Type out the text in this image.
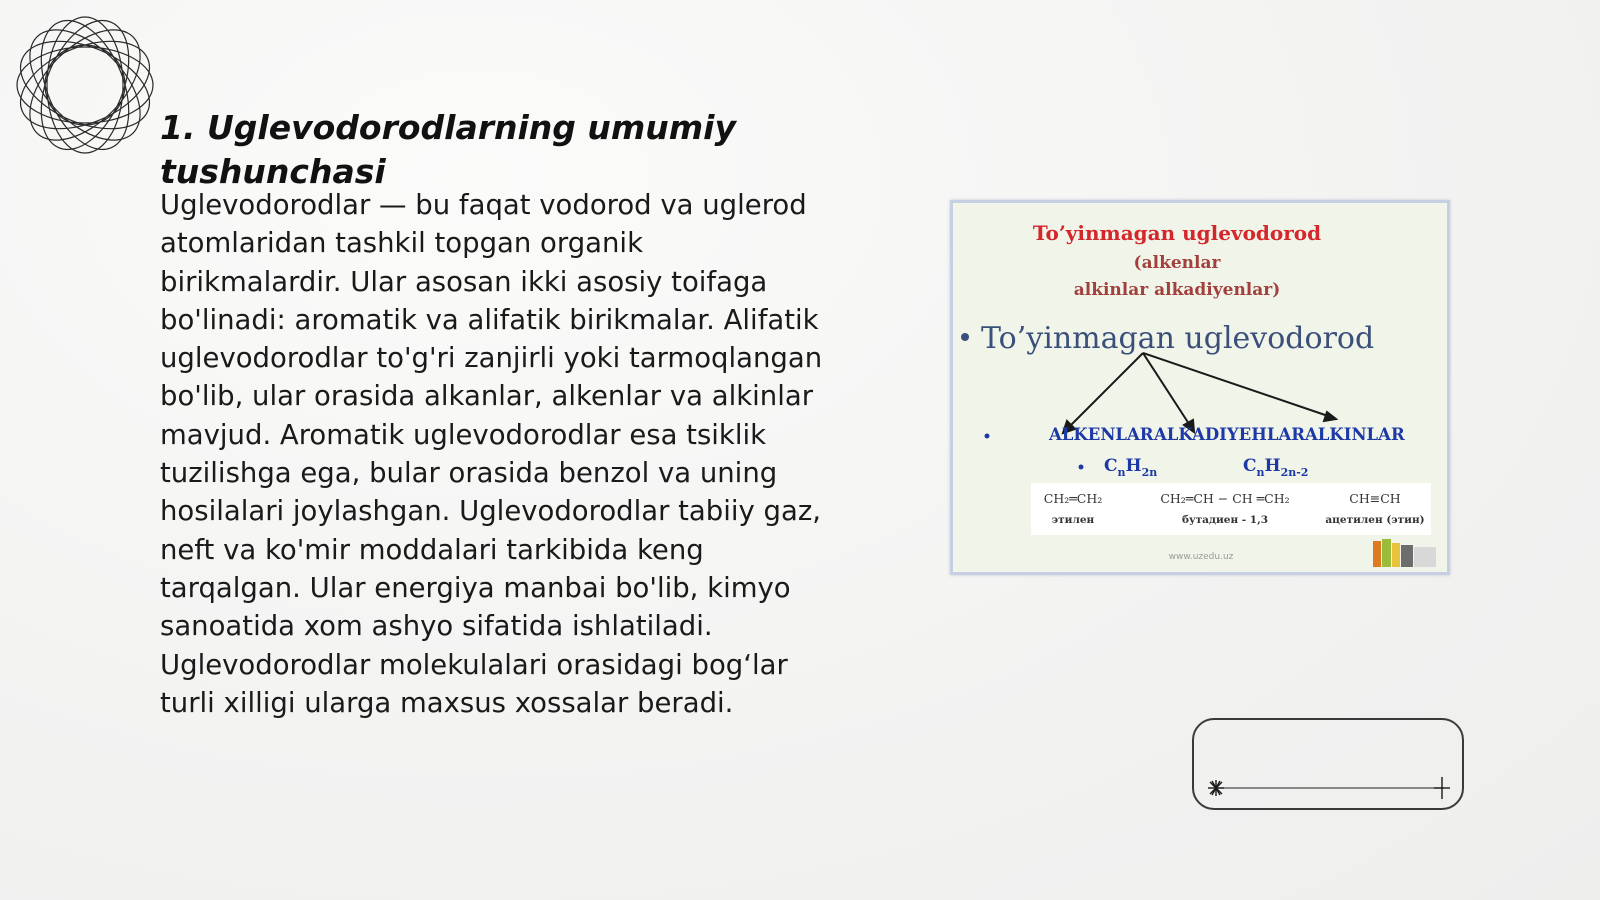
1. Uglevodorodlarning umumiy tushunchasi

Uglevodorodlar — bu faqat vodorod va uglerod atomlaridan tashkil topgan organik birikmalardir. Ular asosan ikki asosiy toifaga bo'linadi: aromatik va alifatik birikmalar. Alifatik uglevodorodlar to'g'ri zanjirli yoki tarmoqlangan bo'lib, ular orasida alkanlar, alkenlar va alkinlar mavjud. Aromatik uglevodorodlar esa tsiklik tuzilishga ega, bular orasida benzol va uning hosilalari joylashgan. Uglevodorodlar tabiiy gaz, neft va ko'mir moddalari tarkibida keng tarqalgan. Ular energiya manbai bo'lib, kimyo sanoatida xom ashyo sifatida ishlatiladi. Uglevodorodlar molekulalari orasidagi bog‘lar turli xilligi ularga maxsus xossalar beradi.

To’yinmagan uglevodorod
(alkenlar
alkinlar alkadiyenlar)
To’yinmagan uglevodorod
ALKENLAR ALKADIYEHLAR ALKINLAR
$C_nH_{2n}$	$C_nH_{2n-2}$
CH₂═CH₂
этилен
CH₂═CH − CH ═CH₂
бутадиен - 1,3
CH≡CH
ацетилен (этин)
www.uzedu.uz
